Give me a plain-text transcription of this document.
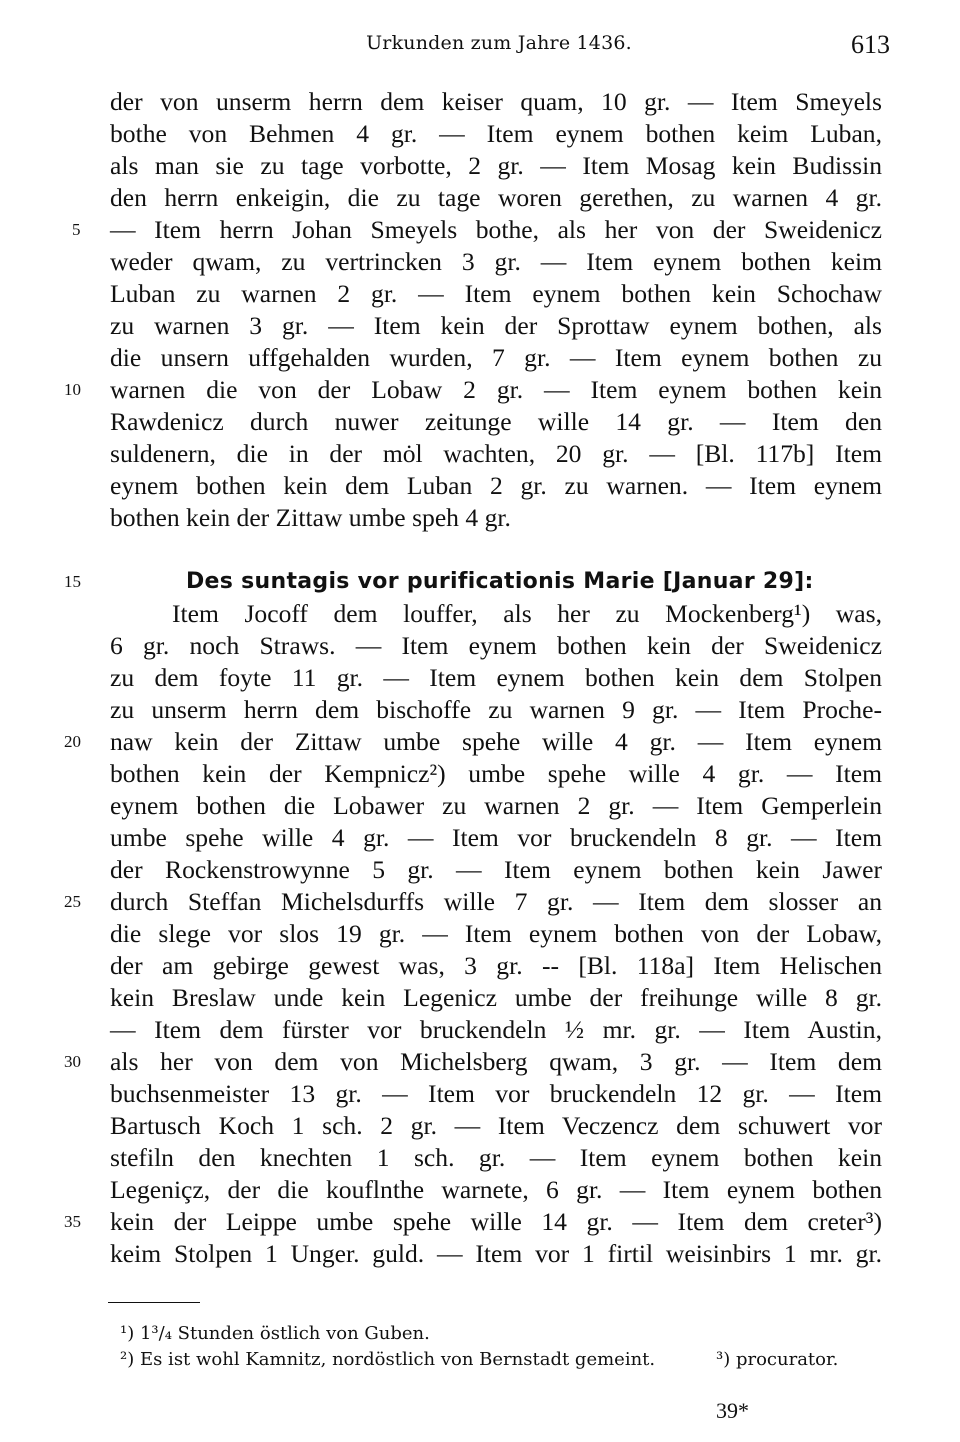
Urkunden zum Jahre 1436.	613
der von unserm herrn dem keiser quam, 10 gr. — Item Smeyels
bothe von Behmen 4 gr. — Item eynem bothen keim Luban,
als man sie zu tage vorbotte, 2 gr. — Item Mosag kein Budissin
den herrn enkeigin, die zu tage woren gerethen, zu warnen 4 gr.
— Item herrn Johan Smeyels bothe, als her von der Sweidenicz
weder qwam, zu vertrincken 3 gr. — Item eynem bothen keim
Luban zu warnen 2 gr. — Item eynem bothen kein Schochaw
zu warnen 3 gr. — Item kein der Sprottaw eynem bothen, als
die unsern uffgehalden wurden, 7 gr. — Item eynem bothen zu
warnen die von der Lobaw 2 gr. — Item eynem bothen kein
Rawdenicz durch nuwer zeitunge wille 14 gr. — Item den
suldenern, die in der mȯl wachten, 20 gr. — [Bl. 117b] Item
eynem bothen kein dem Luban 2 gr. zu warnen. — Item eynem
bothen kein der Zittaw umbe speh 4 gr.
Des suntagis vor purificationis Marie [Januar 29]:
Item Jocoff dem louffer, als her zu Mockenberg¹) was,
6 gr. noch Straws. — Item eynem bothen kein der Sweidenicz
zu dem foyte 11 gr. — Item eynem bothen kein dem Stolpen
zu unserm herrn dem bischoffe zu warnen 9 gr. — Item Proche-
naw kein der Zittaw umbe spehe wille 4 gr. — Item eynem
bothen kein der Kempnicz²) umbe spehe wille 4 gr. — Item
eynem bothen die Lobawer zu warnen 2 gr. — Item Gemperlein
umbe spehe wille 4 gr. — Item vor bruckendeln 8 gr. — Item
der Rockenstrowynne 5 gr. — Item eynem bothen kein Jawer
durch Steffan Michelsdurffs wille 7 gr. — Item dem slosser an
die slege vor slos 19 gr. — Item eynem bothen von der Lobaw,
der am gebirge gewest was, 3 gr. -- [Bl. 118a] Item Helischen
kein Breslaw unde kein Legenicz umbe der freihunge wille 8 gr.
— Item dem fürster vor bruckendeln ½ mr. gr. — Item Austin,
als her von dem von Michelsberg qwam, 3 gr. — Item dem
buchsenmeister 13 gr. — Item vor bruckendeln 12 gr. — Item
Bartusch Koch 1 sch. 2 gr. — Item Veczencz dem schuwert vor
stefiln den knechten 1 sch. gr. — Item eynem bothen kein
Legeniçz, der die kouflnthe warnete, 6 gr. — Item eynem bothen
kein der Leippe umbe spehe wille 14 gr. — Item dem creter³)
keim Stolpen 1 Unger. guld. — Item vor 1 firtil weisinbirs 1 mr. gr.
5
10
15
20
25
30
35
¹) 1³/₄ Stunden östlich von Guben.
²) Es ist wohl Kamnitz, nordöstlich von Bernstadt gemeint.	³) procurator.
39*
